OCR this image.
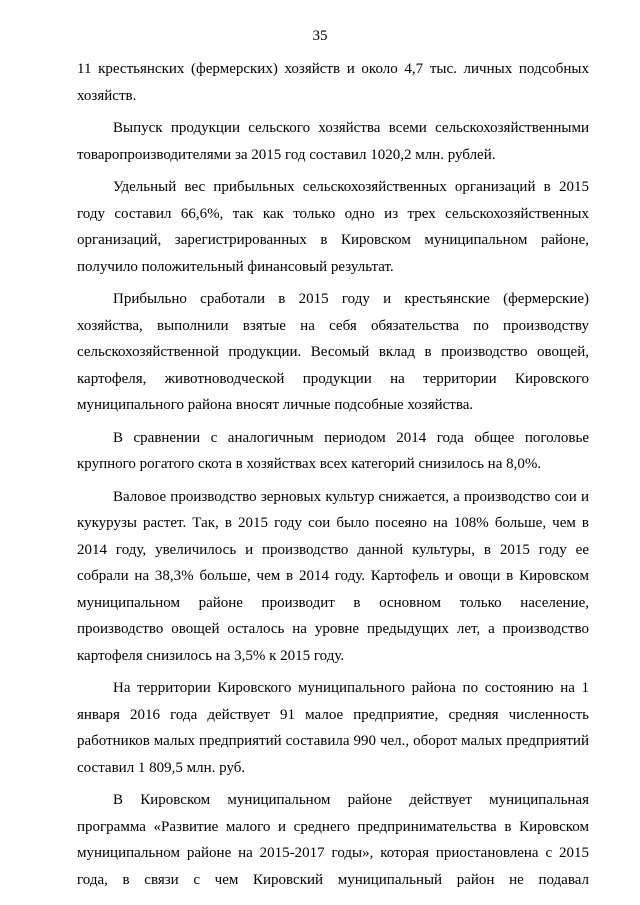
35

11 крестьянских (фермерских) хозяйств и около 4,7 тыс. личных подсобных хозяйств.

Выпуск продукции сельского хозяйства всеми сельскохозяйственными товаропроизводителями за 2015 год составил 1020,2 млн. рублей.

Удельный вес прибыльных сельскохозяйственных организаций в 2015 году составил 66,6%, так как только одно из трех сельскохозяйственных организаций, зарегистрированных в Кировском муниципальном районе, получило положительный финансовый результат.

Прибыльно сработали в 2015 году и крестьянские (фермерские) хозяйства, выполнили взятые на себя обязательства по производству сельскохозяйственной продукции. Весомый вклад в производство овощей, картофеля, животноводческой продукции на территории Кировского муниципального района вносят личные подсобные хозяйства.

В сравнении с аналогичным периодом 2014 года общее поголовье крупного рогатого скота в хозяйствах всех категорий снизилось на 8,0%.

Валовое производство зерновых культур снижается, а производство сои и кукурузы растет. Так, в 2015 году сои было посеяно на 108% больше, чем в 2014 году, увеличилось и производство данной культуры, в 2015 году ее собрали на 38,3% больше, чем в 2014 году. Картофель и овощи в Кировском муниципальном районе производит в основном только население, производство овощей осталось на уровне предыдущих лет, а производство картофеля снизилось на 3,5% к 2015 году.

На территории Кировского муниципального района по состоянию на 1 января 2016 года действует 91 малое предприятие, средняя численность работников малых предприятий составила 990 чел., оборот малых предприятий составил 1 809,5 млн. руб.

В Кировском муниципальном районе действует муниципальная программа «Развитие малого и среднего предпринимательства в Кировском муниципальном районе на 2015-2017 годы», которая приостановлена с 2015 года, в связи с чем Кировский муниципальный район не подавал
